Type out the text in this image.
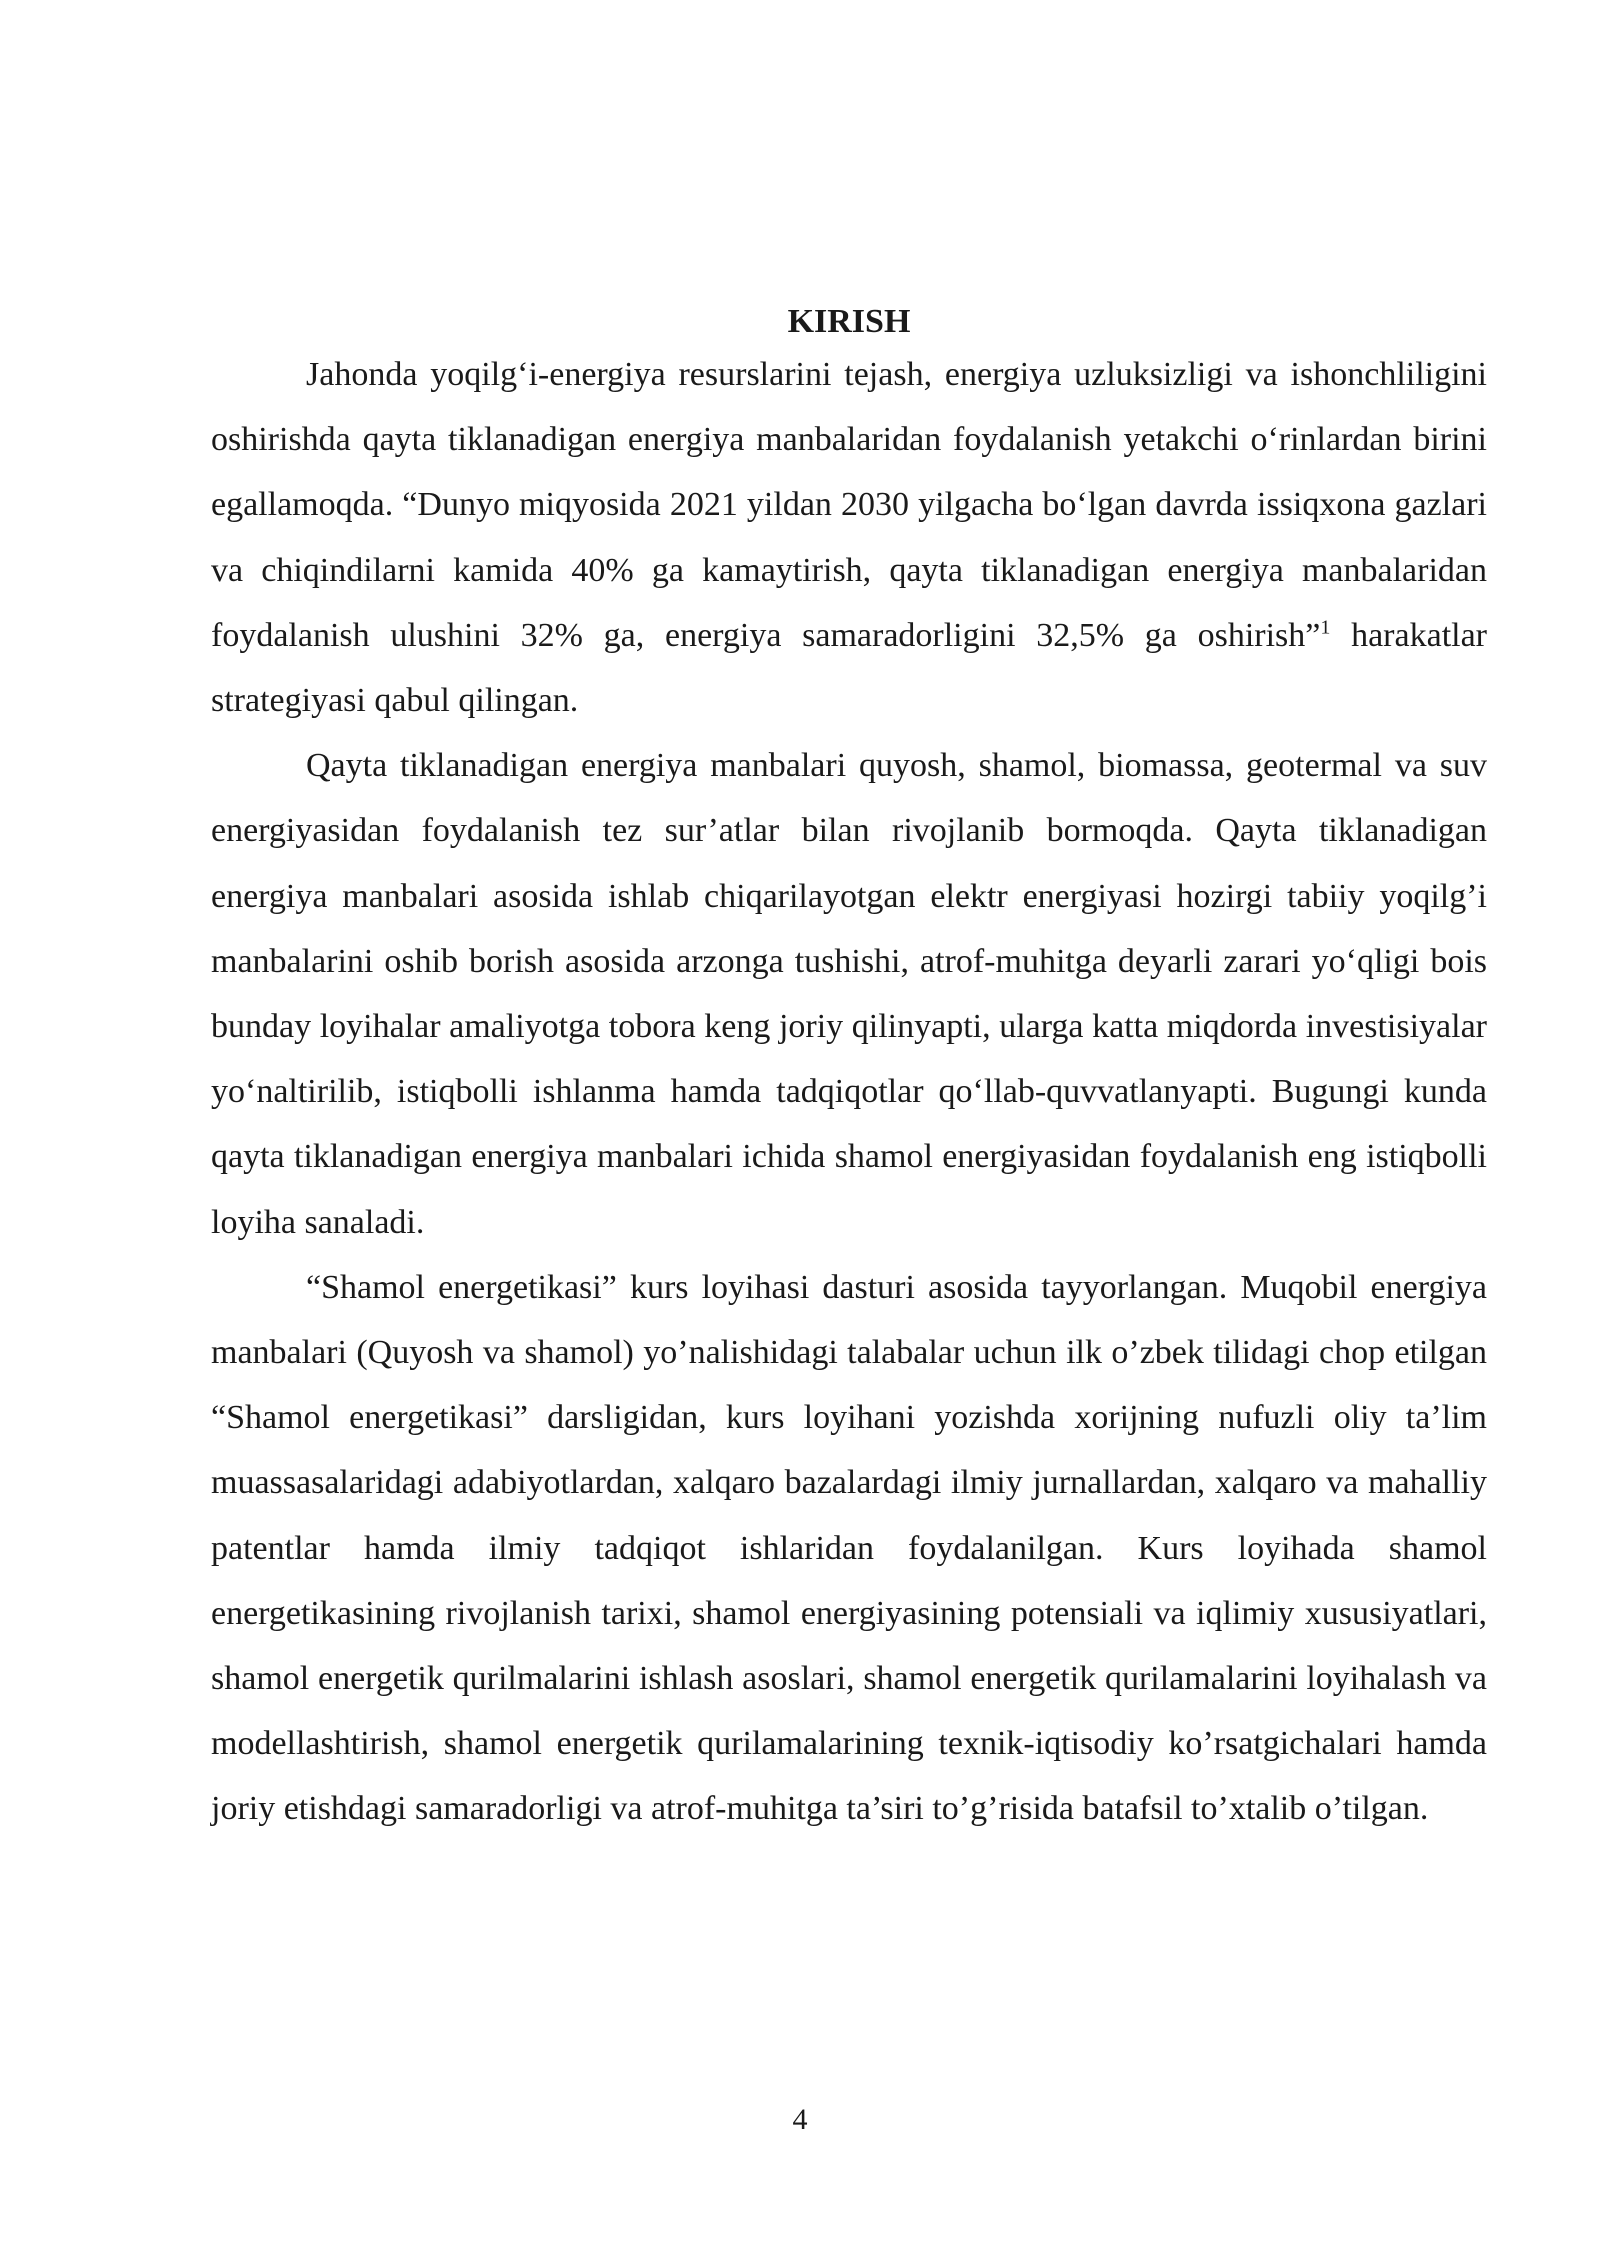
KIRISH

Jahonda yoqilg‘i-energiya resurslarini tejash, energiya uzluksizligi va ishonchliligini oshirishda qayta tiklanadigan energiya manbalaridan foydalanish yetakchi o‘rinlardan birini egallamoqda. “Dunyo miqyosida 2021 yildan 2030 yilgacha bo‘lgan davrda issiqxona gazlari va chiqindilarni kamida 40% ga kamaytirish, qayta tiklanadigan energiya manbalaridan foydalanish ulushini 32% ga, energiya samaradorligini 32,5% ga oshirish”$^1$ harakatlar strategiyasi qabul qilingan.

Qayta tiklanadigan energiya manbalari quyosh, shamol, biomassa, geotermal va suv energiyasidan foydalanish tez sur’atlar bilan rivojlanib bormoqda. Qayta tiklanadigan energiya manbalari asosida ishlab chiqarilayotgan elektr energiyasi hozirgi tabiiy yoqilg’i manbalarini oshib borish asosida arzonga tushishi, atrof-muhitga deyarli zarari yo‘qligi bois bunday loyihalar amaliyotga tobora keng joriy qilinyapti, ularga katta miqdorda investisiyalar yo‘naltirilib, istiqbolli ishlanma hamda tadqiqotlar qo‘llab-quvvatlanyapti. Bugungi kunda qayta tiklanadigan energiya manbalari ichida shamol energiyasidan foydalanish eng istiqbolli loyiha sanaladi.

“Shamol energetikasi” kurs loyihasi dasturi asosida tayyorlangan. Muqobil energiya manbalari (Quyosh va shamol) yo’nalishidagi talabalar uchun ilk o’zbek tilidagi chop etilgan “Shamol energetikasi” darsligidan, kurs loyihani yozishda xorijning nufuzli oliy ta’lim muassasalaridagi adabiyotlardan, xalqaro bazalardagi ilmiy jurnallardan, xalqaro va mahalliy patentlar hamda ilmiy tadqiqot ishlaridan foydalanilgan. Kurs loyihada shamol energetikasining rivojlanish tarixi, shamol energiyasining potensiali va iqlimiy xususiyatlari, shamol energetik qurilmalarini ishlash asoslari, shamol energetik qurilamalarini loyihalash va modellashtirish, shamol energetik qurilamalarining texnik-iqtisodiy ko’rsatgichalari hamda joriy etishdagi samaradorligi va atrof-muhitga ta’siri to’g’risida batafsil to’xtalib o’tilgan.

4
